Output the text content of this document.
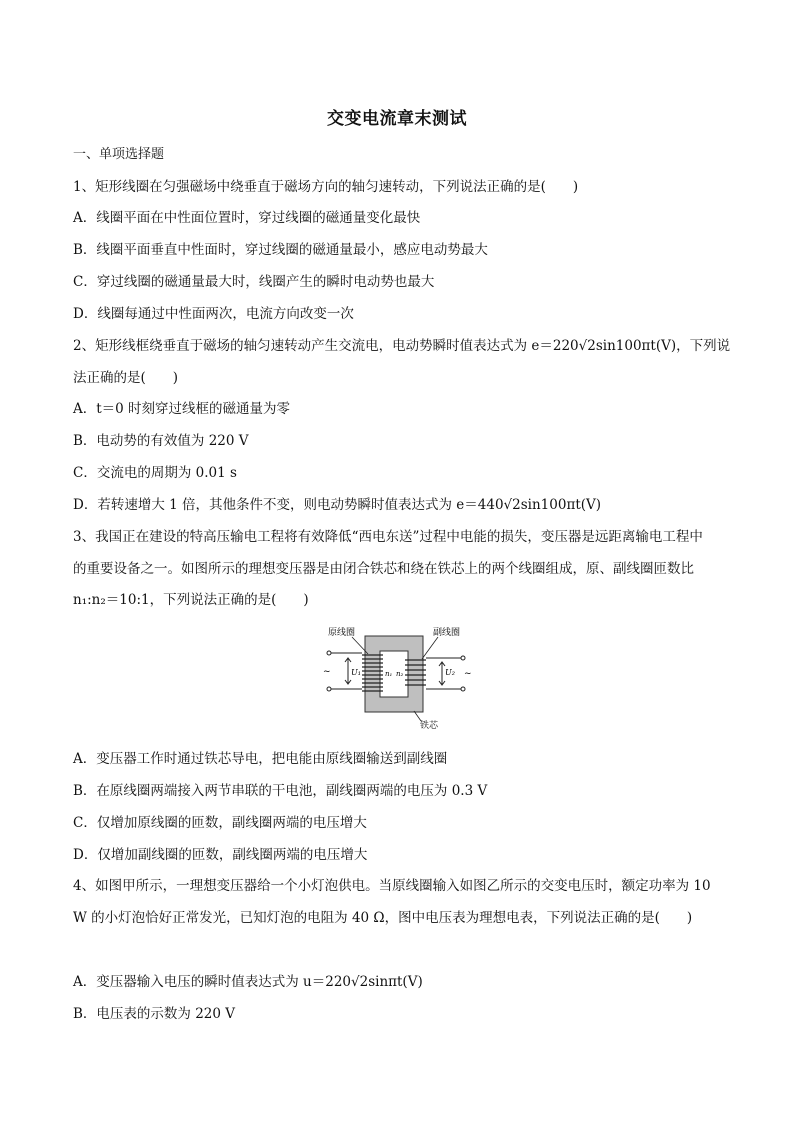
交变电流章末测试
一、单项选择题
1、矩形线圈在匀强磁场中绕垂直于磁场方向的轴匀速转动，下列说法正确的是(　　)
A．线圈平面在中性面位置时，穿过线圈的磁通量变化最快
B．线圈平面垂直中性面时，穿过线圈的磁通量最小，感应电动势最大
C．穿过线圈的磁通量最大时，线圈产生的瞬时电动势也最大
D．线圈每通过中性面两次，电流方向改变一次
2、矩形线框绕垂直于磁场的轴匀速转动产生交流电，电动势瞬时值表达式为 e＝220√2sin100πt(V)，下列说
法正确的是(　　)
A．t＝0 时刻穿过线框的磁通量为零
B．电动势的有效值为 220 V
C．交流电的周期为 0.01 s
D．若转速增大 1 倍，其他条件不变，则电动势瞬时值表达式为 e＝440√2sin100πt(V)
3、我国正在建设的特高压输电工程将有效降低“西电东送”过程中电能的损失，变压器是远距离输电工程中
的重要设备之一。如图所示的理想变压器是由闭合铁芯和绕在铁芯上的两个线圈组成，原、副线圈匝数比
n₁:n₂＝10:1，下列说法正确的是(　　)
原线圈	副线圈
铁芯
U₁	U₂
n₁ n₂
~	~
A．变压器工作时通过铁芯导电，把电能由原线圈输送到副线圈
B．在原线圈两端接入两节串联的干电池，副线圈两端的电压为 0.3 V
C．仅增加原线圈的匝数，副线圈两端的电压增大
D．仅增加副线圈的匝数，副线圈两端的电压增大
4、如图甲所示，一理想变压器给一个小灯泡供电。当原线圈输入如图乙所示的交变电压时，额定功率为 10
W 的小灯泡恰好正常发光，已知灯泡的电阻为 40 Ω，图中电压表为理想电表，下列说法正确的是(　　)
A．变压器输入电压的瞬时值表达式为 u＝220√2sinπt(V)
B．电压表的示数为 220 V
